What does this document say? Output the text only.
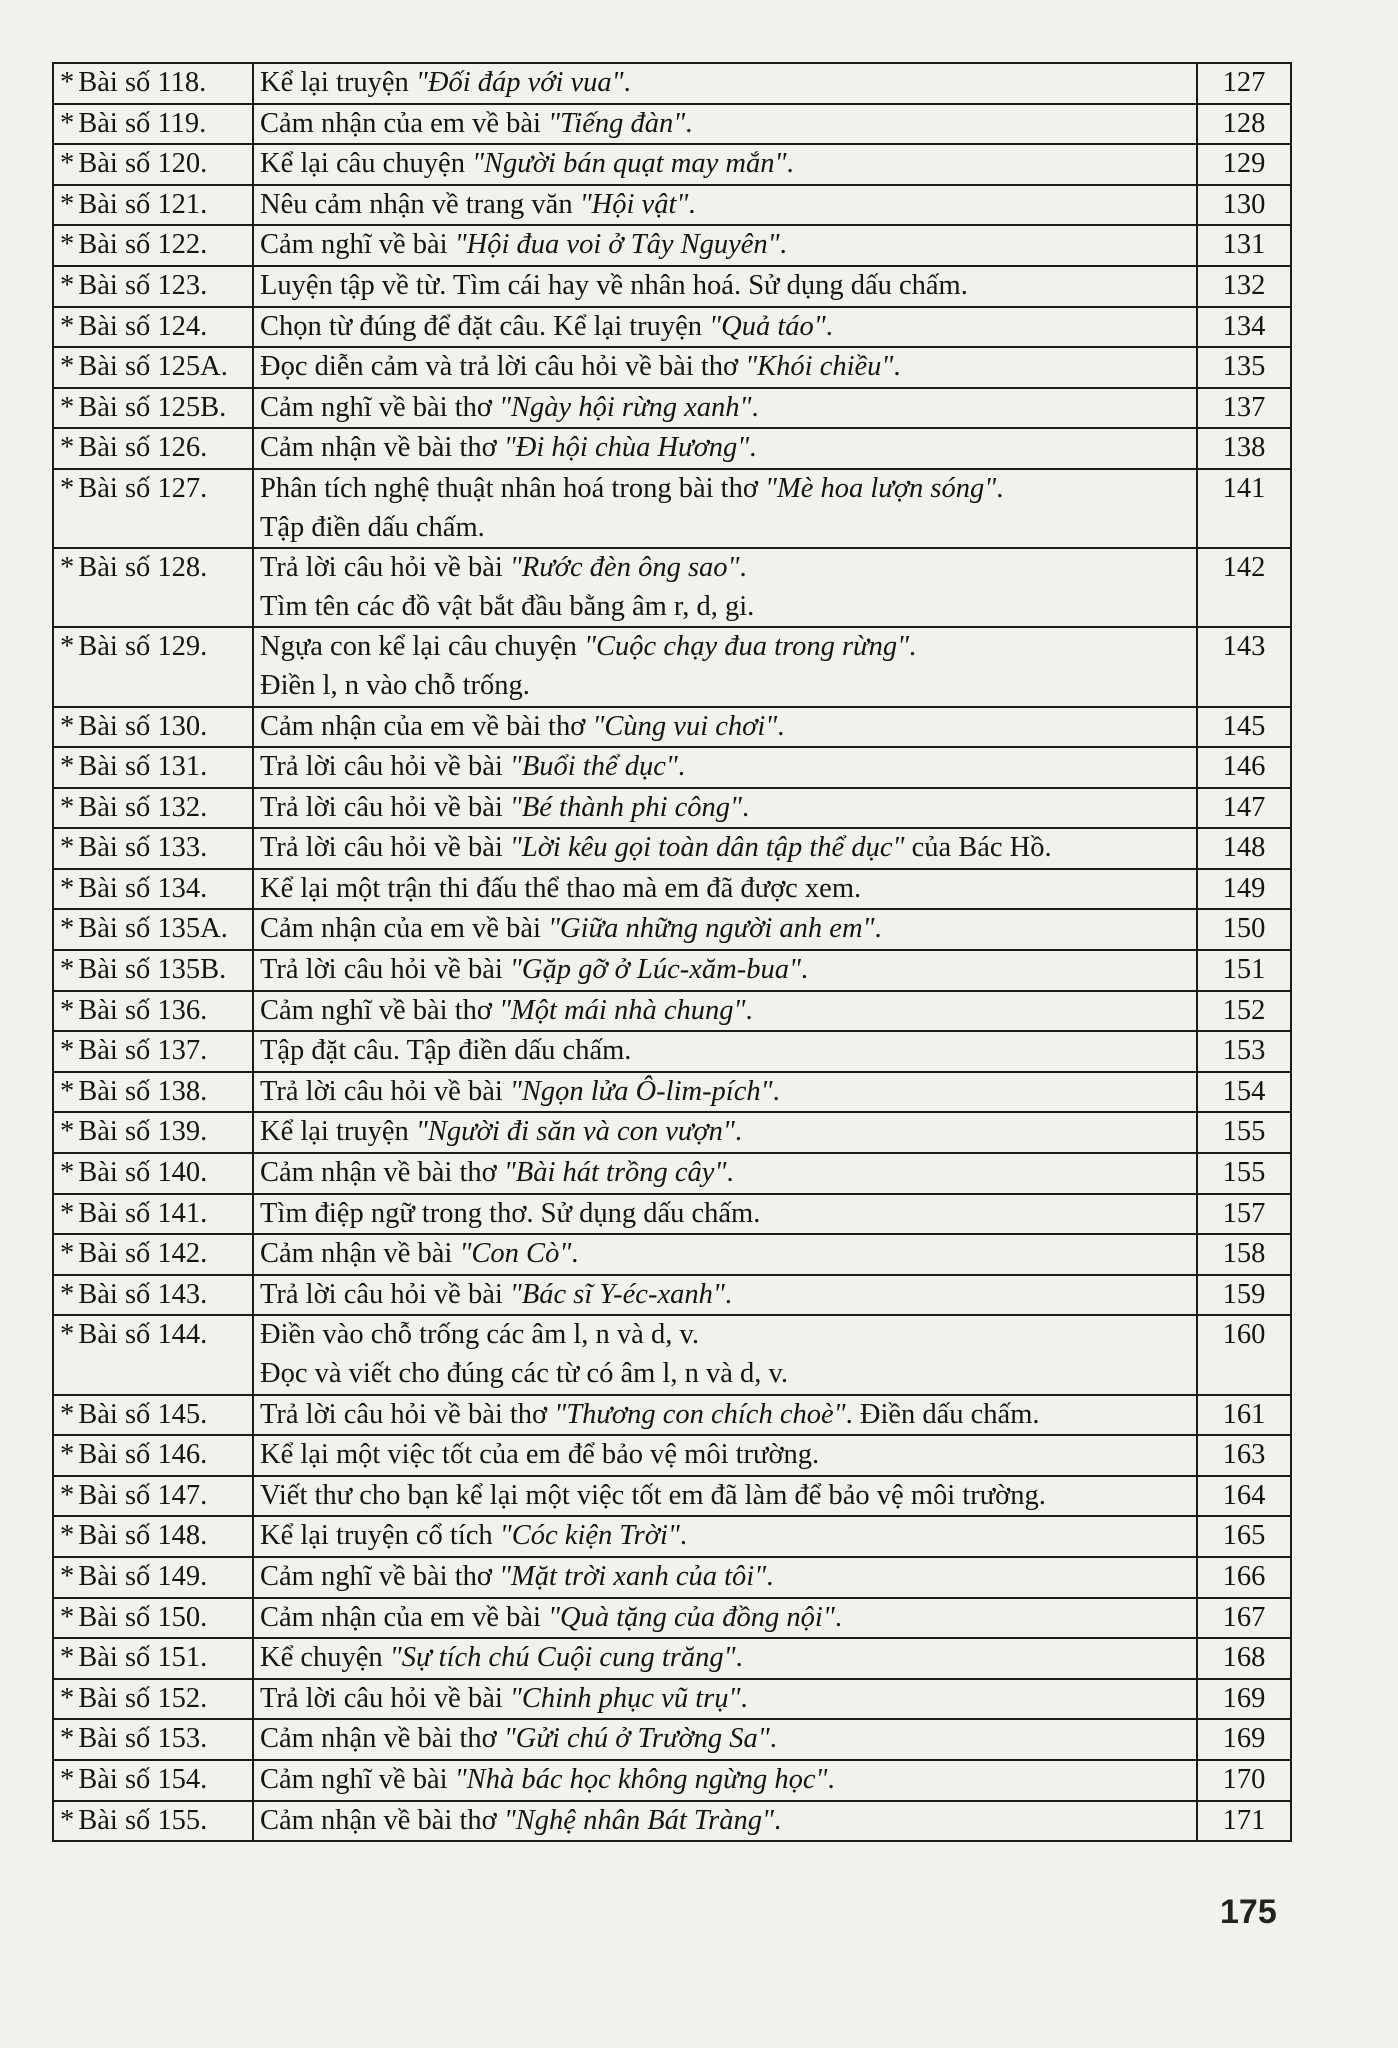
* Bài số 118.	Kể lại truyện "Đối đáp với vua".	127
* Bài số 119.	Cảm nhận của em về bài "Tiếng đàn".	128
* Bài số 120.	Kể lại câu chuyện "Người bán quạt may mắn".	129
* Bài số 121.	Nêu cảm nhận về trang văn "Hội vật".	130
* Bài số 122.	Cảm nghĩ về bài "Hội đua voi ở Tây Nguyên".	131
* Bài số 123.	Luyện tập về từ. Tìm cái hay về nhân hoá. Sử dụng dấu chấm.	132
* Bài số 124.	Chọn từ đúng để đặt câu. Kể lại truyện "Quả táo".	134
* Bài số 125A.	Đọc diễn cảm và trả lời câu hỏi về bài thơ "Khói chiều".	135
* Bài số 125B.	Cảm nghĩ về bài thơ "Ngày hội rừng xanh".	137
* Bài số 126.	Cảm nhận về bài thơ "Đi hội chùa Hương".	138
* Bài số 127.	Phân tích nghệ thuật nhân hoá trong bài thơ "Mè hoa lượn sóng".
Tập điền dấu chấm.	141
* Bài số 128.	Trả lời câu hỏi về bài "Rước đèn ông sao".
Tìm tên các đồ vật bắt đầu bằng âm r, d, gi.	142
* Bài số 129.	Ngựa con kể lại câu chuyện "Cuộc chạy đua trong rừng".
Điền l, n vào chỗ trống.	143
* Bài số 130.	Cảm nhận của em về bài thơ "Cùng vui chơi".	145
* Bài số 131.	Trả lời câu hỏi về bài "Buổi thể dục".	146
* Bài số 132.	Trả lời câu hỏi về bài "Bé thành phi công".	147
* Bài số 133.	Trả lời câu hỏi về bài "Lời kêu gọi toàn dân tập thể dục" của Bác Hồ.	148
* Bài số 134.	Kể lại một trận thi đấu thể thao mà em đã được xem.	149
* Bài số 135A.	Cảm nhận của em về bài "Giữa những người anh em".	150
* Bài số 135B.	Trả lời câu hỏi về bài "Gặp gỡ ở Lúc-xăm-bua".	151
* Bài số 136.	Cảm nghĩ về bài thơ "Một mái nhà chung".	152
* Bài số 137.	Tập đặt câu. Tập điền dấu chấm.	153
* Bài số 138.	Trả lời câu hỏi về bài "Ngọn lửa Ô-lim-pích".	154
* Bài số 139.	Kể lại truyện "Người đi săn và con vượn".	155
* Bài số 140.	Cảm nhận về bài thơ "Bài hát trồng cây".	155
* Bài số 141.	Tìm điệp ngữ trong thơ. Sử dụng dấu chấm.	157
* Bài số 142.	Cảm nhận về bài "Con Cò".	158
* Bài số 143.	Trả lời câu hỏi về bài "Bác sĩ Y-éc-xanh".	159
* Bài số 144.	Điền vào chỗ trống các âm l, n và d, v.
Đọc và viết cho đúng các từ có âm l, n và d, v.	160
* Bài số 145.	Trả lời câu hỏi về bài thơ "Thương con chích choè". Điền dấu chấm.	161
* Bài số 146.	Kể lại một việc tốt của em để bảo vệ môi trường.	163
* Bài số 147.	Viết thư cho bạn kể lại một việc tốt em đã làm để bảo vệ môi trường.	164
* Bài số 148.	Kể lại truyện cổ tích "Cóc kiện Trời".	165
* Bài số 149.	Cảm nghĩ về bài thơ "Mặt trời xanh của tôi".	166
* Bài số 150.	Cảm nhận của em về bài "Quà tặng của đồng nội".	167
* Bài số 151.	Kể chuyện "Sự tích chú Cuội cung trăng".	168
* Bài số 152.	Trả lời câu hỏi về bài "Chinh phục vũ trụ".	169
* Bài số 153.	Cảm nhận về bài thơ "Gửi chú ở Trường Sa".	169
* Bài số 154.	Cảm nghĩ về bài "Nhà bác học không ngừng học".	170
* Bài số 155.	Cảm nhận về bài thơ "Nghệ nhân Bát Tràng".	171
175
